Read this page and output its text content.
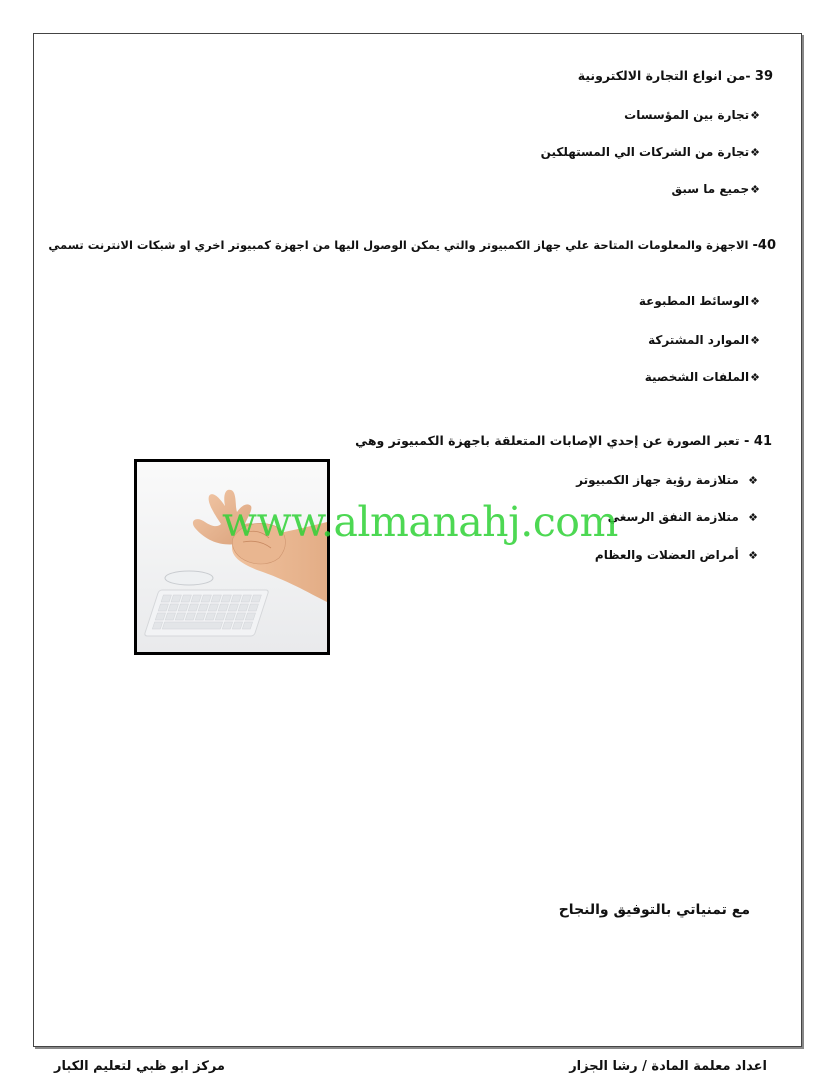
39 -من انواع التجارة الالكترونية
❖تجارة بين المؤسسات
❖تجارة من الشركات الي المستهلكين
❖جميع ما سبق
40- الاجهزة والمعلومات المتاحة علي جهاز الكمبيوتر والتي يمكن الوصول اليها من اجهزة كمبيوتر اخري او شبكات الانترنت تسمي
❖الوسائط المطبوعة
❖الموارد المشتركة
❖الملفات الشخصية
41 - تعبر الصورة عن إحدي الإصابات المتعلقة باجهزة الكمبيوتر وهي
❖  متلازمة رؤية جهاز الكمبيوتر
❖  متلازمة النفق الرسغي
❖  أمراض العضلات والعظام
www.almanahj.com
مع تمنياتي بالتوفيق والنجاح
اعداد معلمة المادة / رشا الجزار
مركز ابو ظبي لتعليم الكبار
